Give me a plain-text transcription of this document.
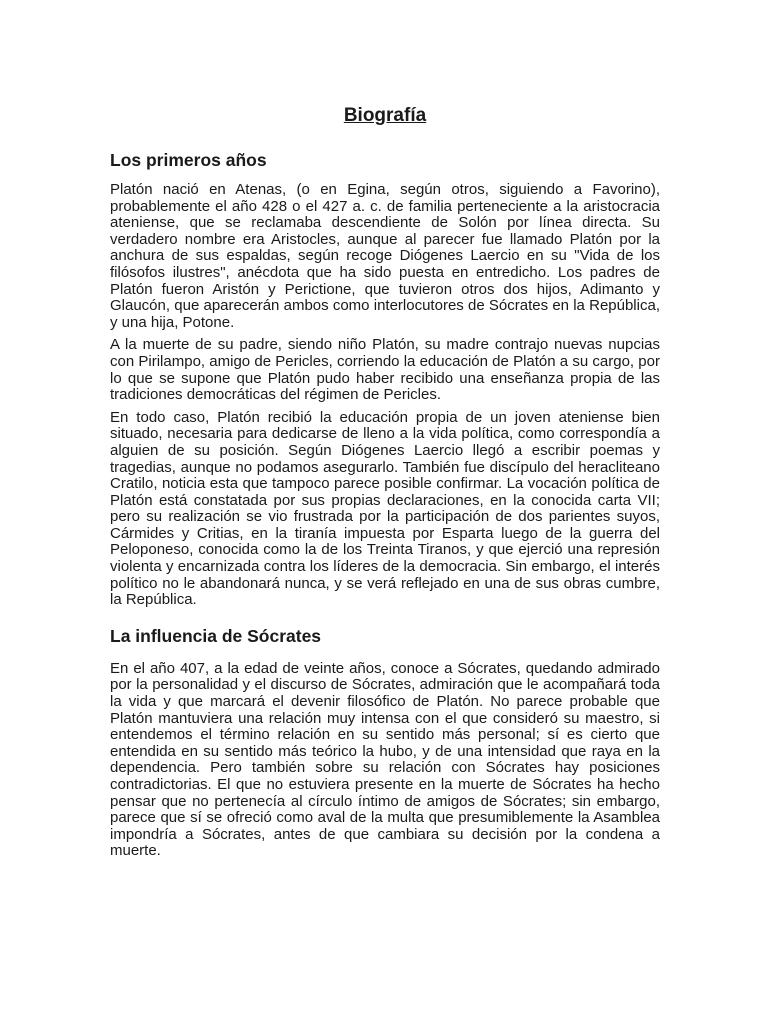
Biografía
Los primeros años

Platón nació en Atenas, (o en Egina, según otros, siguiendo a Favorino), probablemente el año 428 o el 427 a. c. de familia perteneciente a la aristocracia ateniense, que se reclamaba descendiente de Solón por línea directa. Su verdadero nombre era Aristocles, aunque al parecer fue llamado Platón por la anchura de sus espaldas, según recoge Diógenes Laercio en su "Vida de los filósofos ilustres", anécdota que ha sido puesta en entredicho. Los padres de Platón fueron Aristón y Perictione, que tuvieron otros dos hijos, Adimanto y Glaucón, que aparecerán ambos como interlocutores de Sócrates en la República, y una hija, Potone.

A la muerte de su padre, siendo niño Platón, su madre contrajo nuevas nupcias con Pirilampo, amigo de Pericles, corriendo la educación de Platón a su cargo, por lo que se supone que Platón pudo haber recibido una enseñanza propia de las tradiciones democráticas del régimen de Pericles.

En todo caso, Platón recibió la educación propia de un joven ateniense bien situado, necesaria para dedicarse de lleno a la vida política, como correspondía a alguien de su posición. Según Diógenes Laercio llegó a escribir poemas y tragedias, aunque no podamos asegurarlo. También fue discípulo del heracliteano Cratilo, noticia esta que tampoco parece posible confirmar. La vocación política de Platón está constatada por sus propias declaraciones, en la conocida carta VII; pero su realización se vio frustrada por la participación de dos parientes suyos, Cármides y Critias, en la tiranía impuesta por Esparta luego de la guerra del Peloponeso, conocida como la de los Treinta Tiranos, y que ejerció una represión violenta y encarnizada contra los líderes de la democracia. Sin embargo, el interés político no le abandonará nunca, y se verá reflejado en una de sus obras cumbre, la República.

La influencia de Sócrates

En el año 407, a la edad de veinte años, conoce a Sócrates, quedando admirado por la personalidad y el discurso de Sócrates, admiración que le acompañará toda la vida y que marcará el devenir filosófico de Platón. No parece probable que Platón mantuviera una relación muy intensa con el que consideró su maestro, si entendemos el término relación en su sentido más personal; sí es cierto que entendida en su sentido más teórico la hubo, y de una intensidad que raya en la dependencia. Pero también sobre su relación con Sócrates hay posiciones contradictorias. El que no estuviera presente en la muerte de Sócrates ha hecho pensar que no pertenecía al círculo íntimo de amigos de Sócrates; sin embargo, parece que sí se ofreció como aval de la multa que presumiblemente la Asamblea impondría a Sócrates, antes de que cambiara su decisión por la condena a muerte.
